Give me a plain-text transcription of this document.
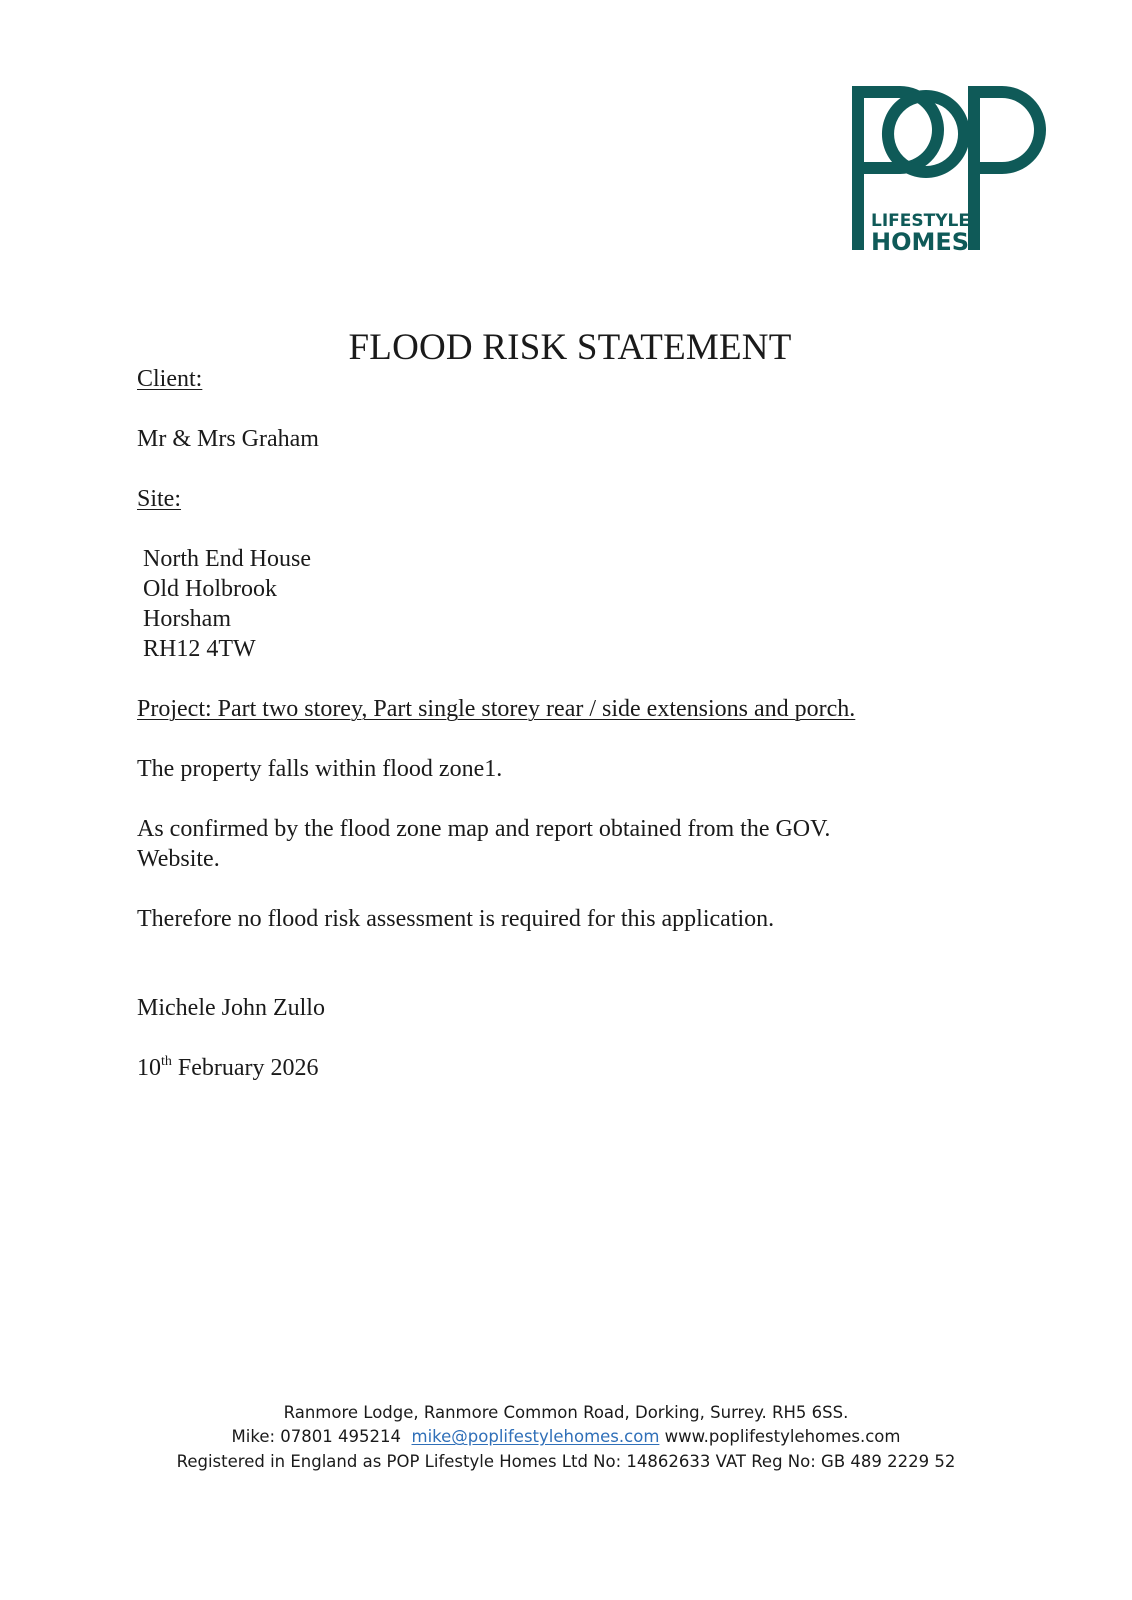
LIFESTYLE
HOMES
FLOOD RISK STATEMENT

Client:

Mr & Mrs Graham

Site:

North End House

Old Holbrook

Horsham

RH12 4TW

Project: Part two storey, Part single storey rear / side extensions and porch.

The property falls within flood zone1.

As confirmed by the flood zone map and report obtained from the GOV.

Website.

Therefore no flood risk assessment is required for this application.

Michele John Zullo

10th February 2026

Ranmore Lodge, Ranmore Common Road, Dorking, Surrey. RH5 6SS.

Mike: 07801 495214 mike@poplifestylehomes.com www.poplifestylehomes.com

Registered in England as POP Lifestyle Homes Ltd No: 14862633 VAT Reg No: GB 489 2229 52
